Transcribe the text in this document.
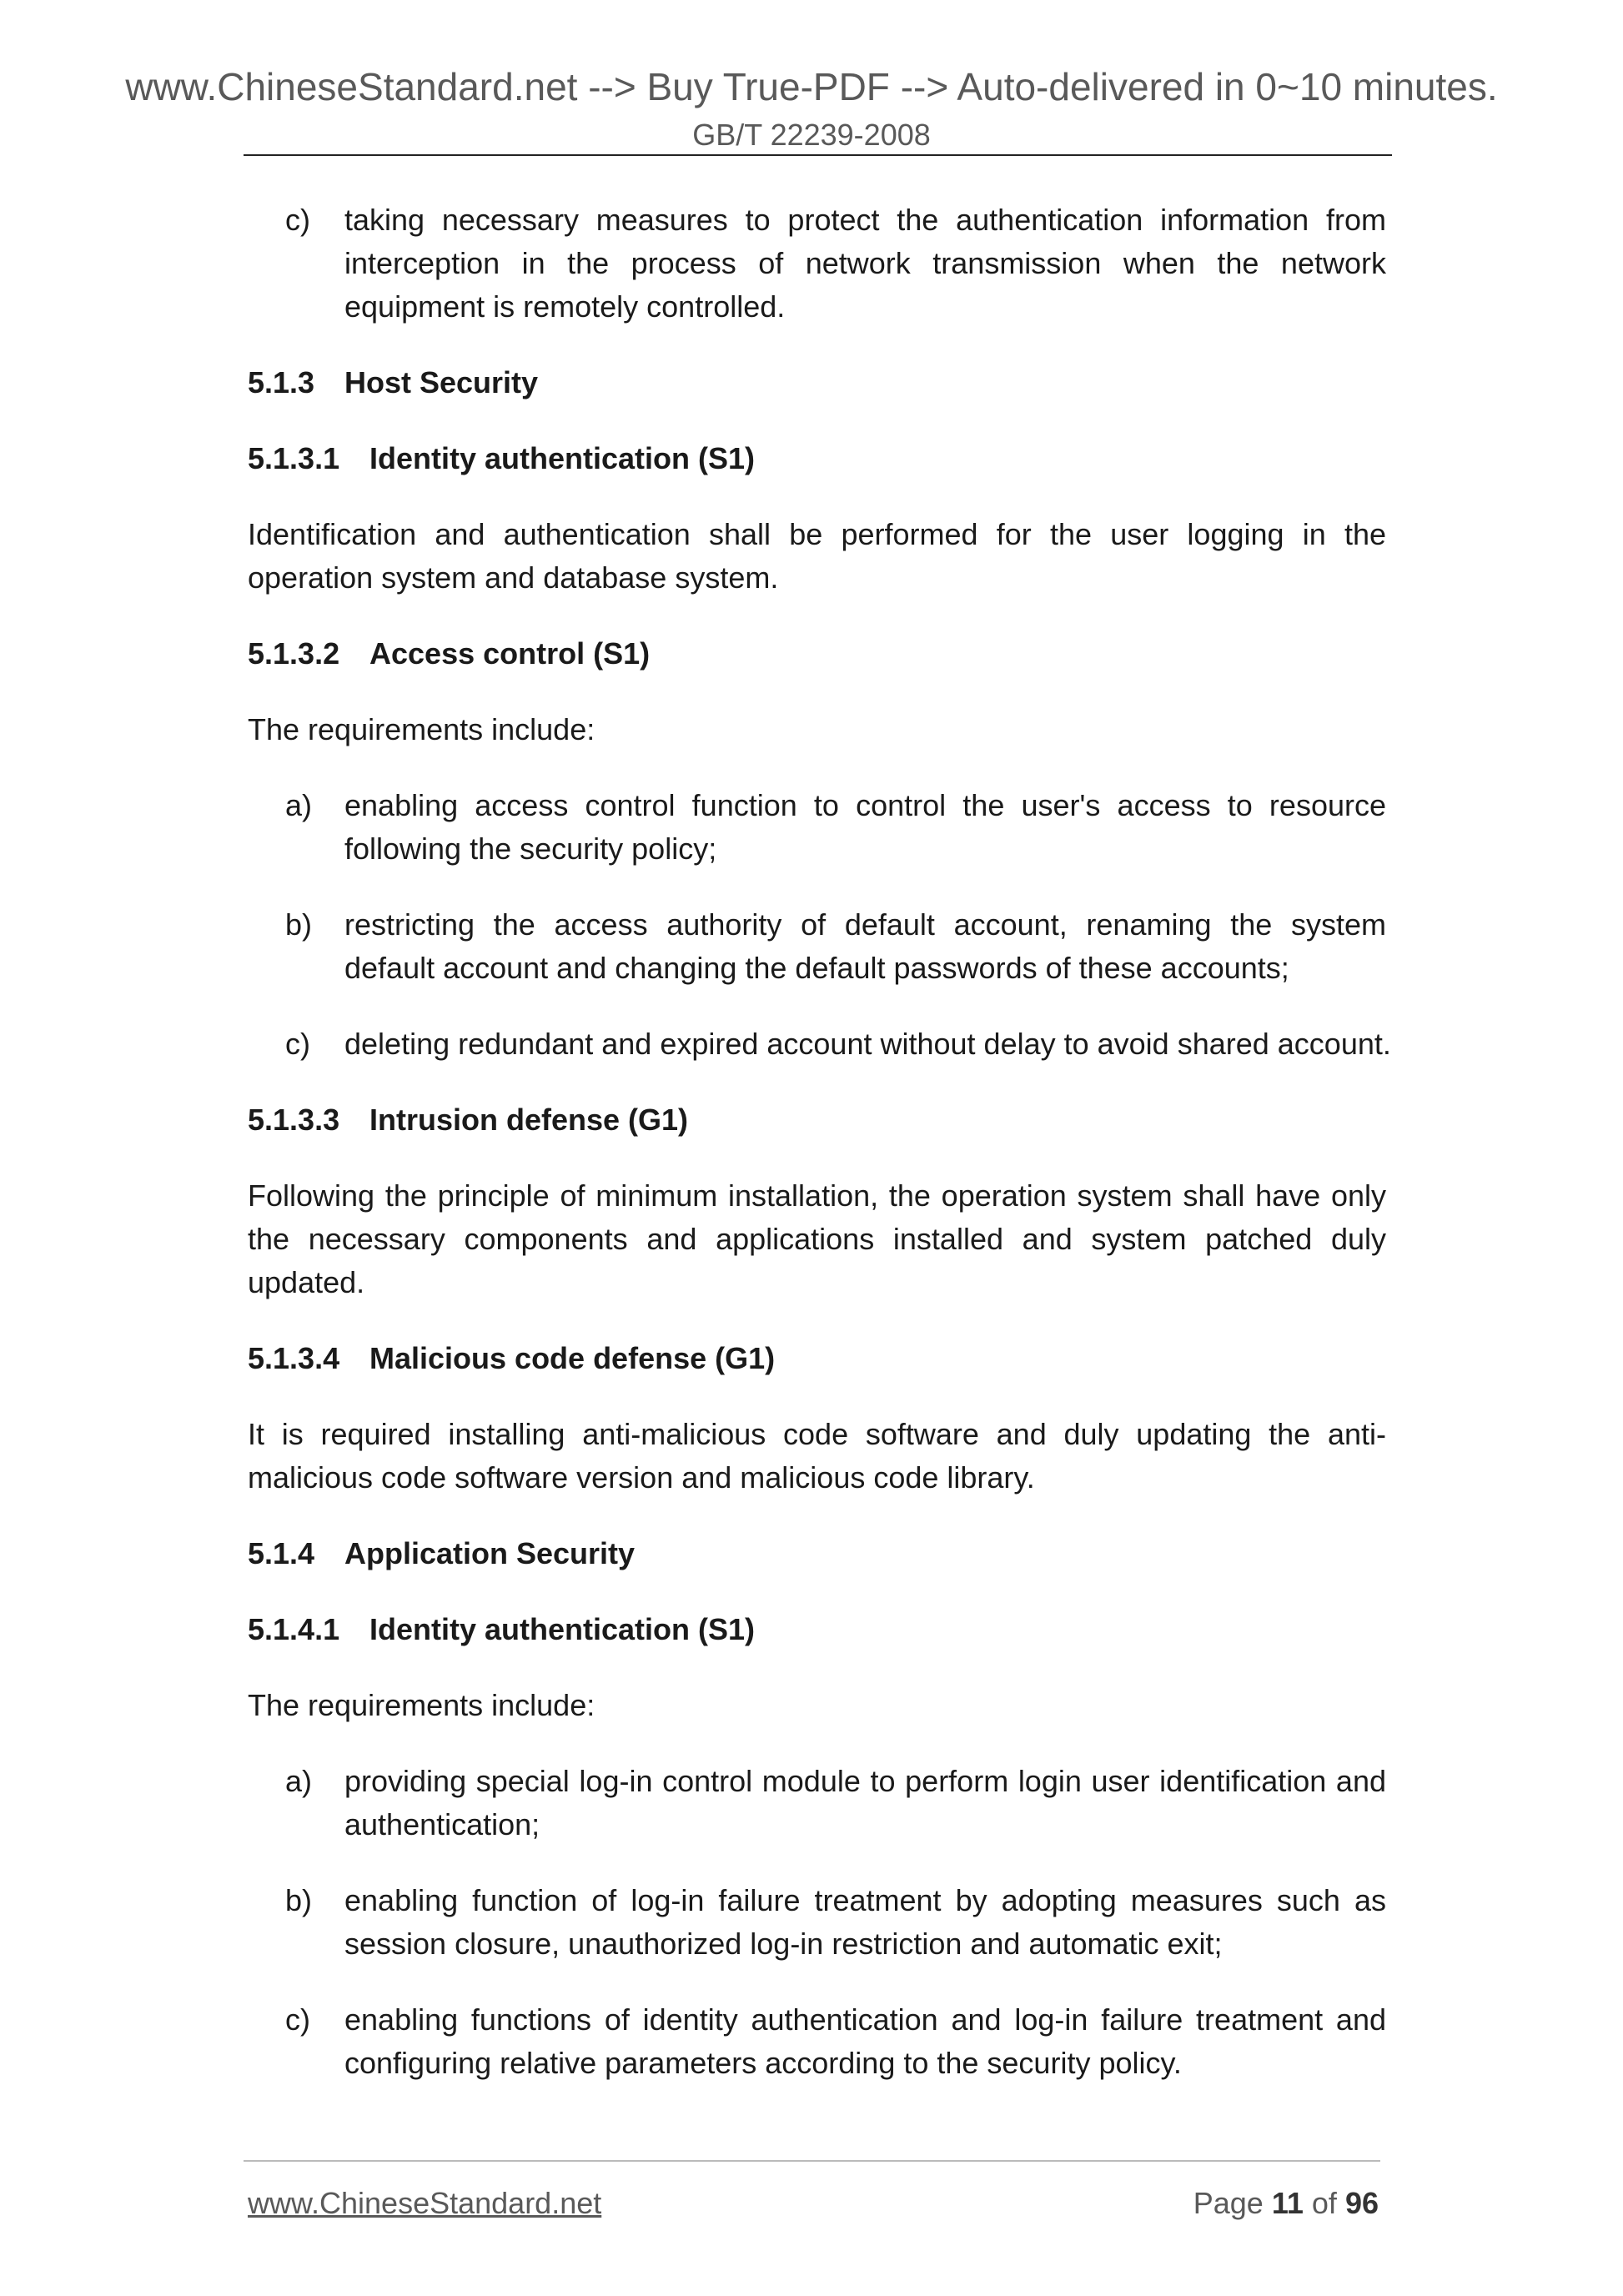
www.ChineseStandard.net --> Buy True-PDF --> Auto-delivered in 0~10 minutes.
GB/T 22239-2008
c) taking necessary measures to protect the authentication information from interception in the process of network transmission when the network equipment is remotely controlled.
5.1.3 Host Security
5.1.3.1 Identity authentication (S1)

Identification and authentication shall be performed for the user logging in the operation system and database system.

5.1.3.2 Access control (S1)

The requirements include:

a) enabling access control function to control the user's access to resource following the security policy;
b) restricting the access authority of default account, renaming the system default account and changing the default passwords of these accounts;
c) deleting redundant and expired account without delay to avoid shared account.
5.1.3.3 Intrusion defense (G1)

Following the principle of minimum installation, the operation system shall have only the necessary components and applications installed and system patched duly updated.

5.1.3.4 Malicious code defense (G1)

It is required installing anti-malicious code software and duly updating the anti-malicious code software version and malicious code library.

5.1.4 Application Security
5.1.4.1 Identity authentication (S1)

The requirements include:

a) providing special log-in control module to perform login user identification and authentication;
b) enabling function of log-in failure treatment by adopting measures such as session closure, unauthorized log-in restriction and automatic exit;
c) enabling functions of identity authentication and log-in failure treatment and configuring relative parameters according to the security policy.
www.ChineseStandard.net	Page 11 of 96
